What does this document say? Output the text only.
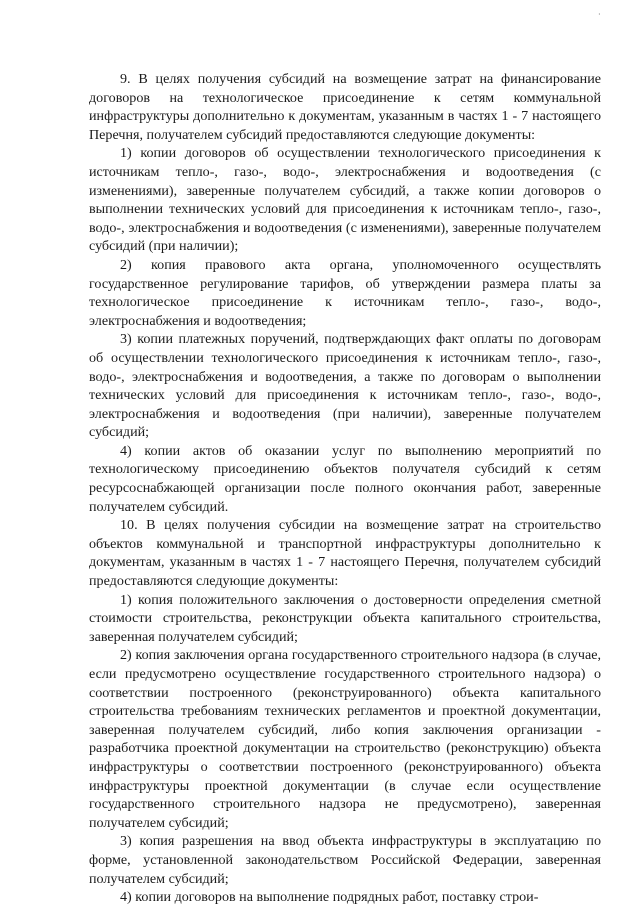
·

9. В целях получения субсидий на возмещение затрат на финансирование договоров на технологическое присоединение к сетям коммунальной инфраструктуры дополнительно к документам, указанным в частях 1 - 7 настоящего Перечня, получателем субсидий предоставляются следующие документы:

1) копии договоров об осуществлении технологического присоединения к источникам тепло-, газо-, водо-, электроснабжения и водоотведения (с изменениями), заверенные получателем субсидий, а также копии договоров о выполнении технических условий для присоединения к источникам тепло-, газо-, водо-, электроснабжения и водоотведения (с изменениями), заверенные получателем субсидий (при наличии);

2) копия правового акта органа, уполномоченного осуществлять государственное регулирование тарифов, об утверждении размера платы за технологическое присоединение к источникам тепло-, газо-, водо-, электроснабжения и водоотведения;

3) копии платежных поручений, подтверждающих факт оплаты по договорам об осуществлении технологического присоединения к источникам тепло-, газо-, водо-, электроснабжения и водоотведения, а также по договорам о выполнении технических условий для присоединения к источникам тепло-, газо-, водо-, электроснабжения и водоотведения (при наличии), заверенные получателем субсидий;

4) копии актов об оказании услуг по выполнению мероприятий по технологическому присоединению объектов получателя субсидий к сетям ресурсоснабжающей организации после полного окончания работ, заверенные получателем субсидий.

10. В целях получения субсидии на возмещение затрат на строительство объектов коммунальной и транспортной инфраструктуры дополнительно к документам, указанным в частях 1 - 7 настоящего Перечня, получателем субсидий предоставляются следующие документы:

1) копия положительного заключения о достоверности определения сметной стоимости строительства, реконструкции объекта капитального строительства, заверенная получателем субсидий;

2) копия заключения органа государственного строительного надзора (в случае, если предусмотрено осуществление государственного строительного надзора) о соответствии построенного (реконструированного) объекта капитального строительства требованиям технических регламентов и проектной документации, заверенная получателем субсидий, либо копия заключения организации - разработчика проектной документации на строительство (реконструкцию) объекта инфраструктуры о соответствии построенного (реконструированного) объекта инфраструктуры проектной документации (в случае если осуществление государственного строительного надзора не предусмотрено), заверенная получателем субсидий;

3) копия разрешения на ввод объекта инфраструктуры в эксплуатацию по форме, установленной законодательством Российской Федерации, заверенная получателем субсидий;

4) копии договоров на выполнение подрядных работ, поставку строи-
